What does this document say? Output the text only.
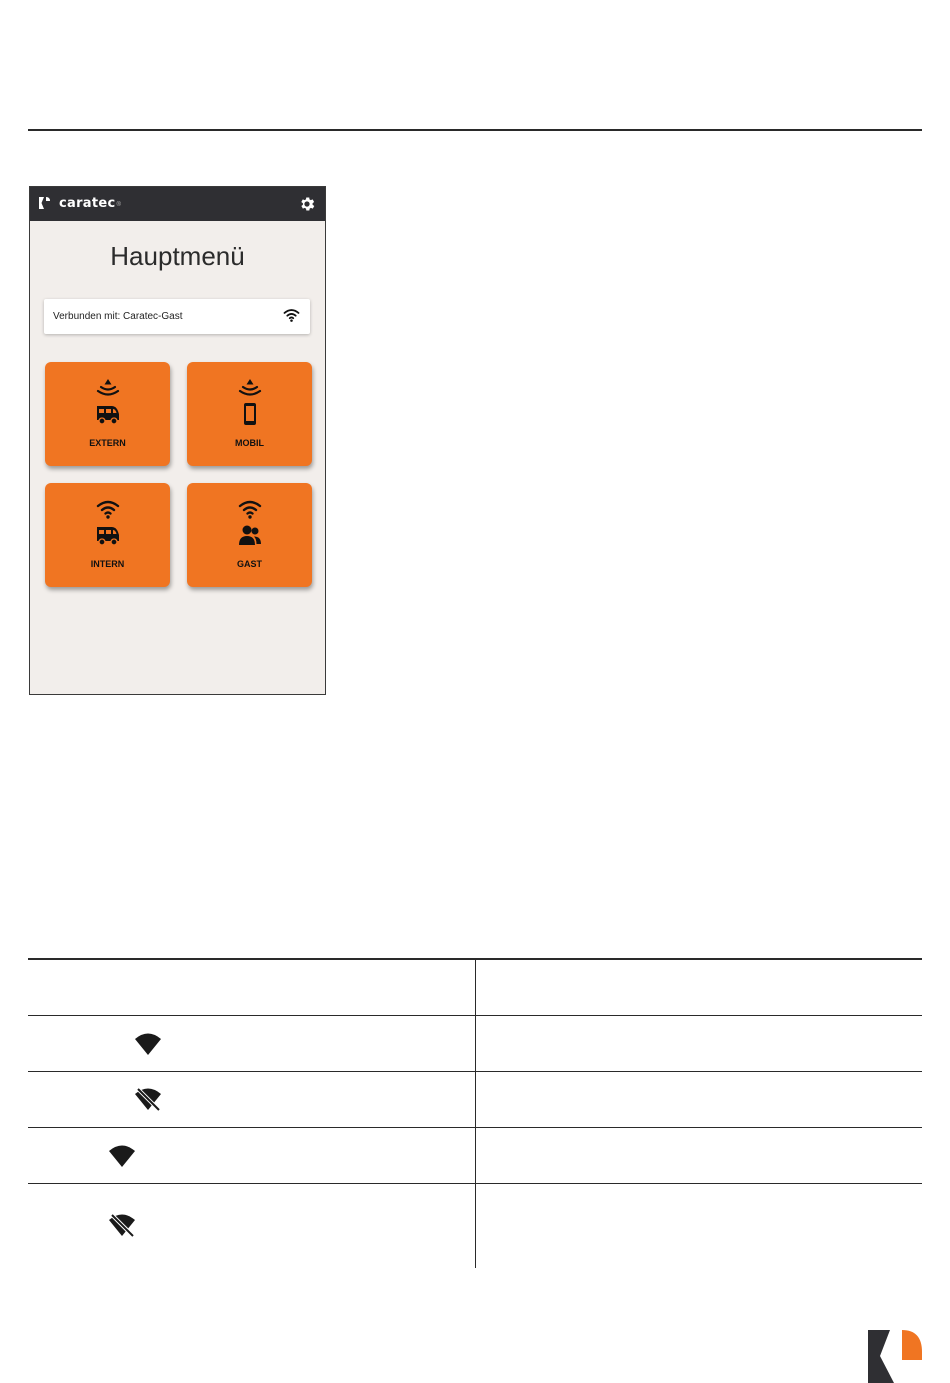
caratec ®
Hauptmenü
Verbunden mit: Caratec-Gast
EXTERN	MOBIL
INTERN	GAST
